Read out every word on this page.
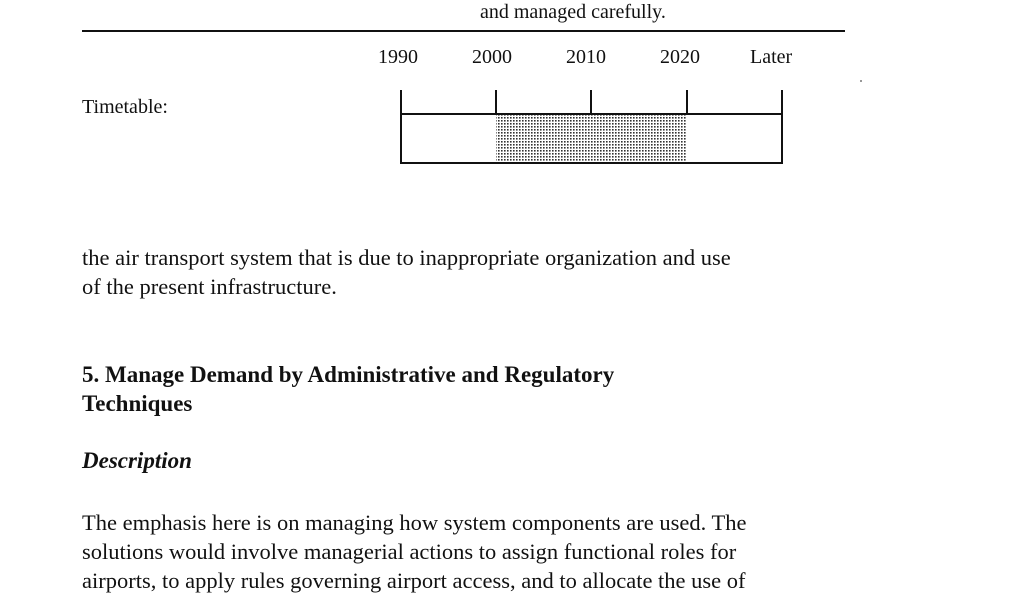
and managed carefully.
1990	2000	2010	2020	Later
Timetable:
the air transport system that is due to inappropriate organization and use
of the present infrastructure.
5. Manage Demand by Administrative and Regulatory
Techniques
Description
The emphasis here is on managing how system components are used. The
solutions would involve managerial actions to assign functional roles for
airports, to apply rules governing airport access, and to allocate the use of
